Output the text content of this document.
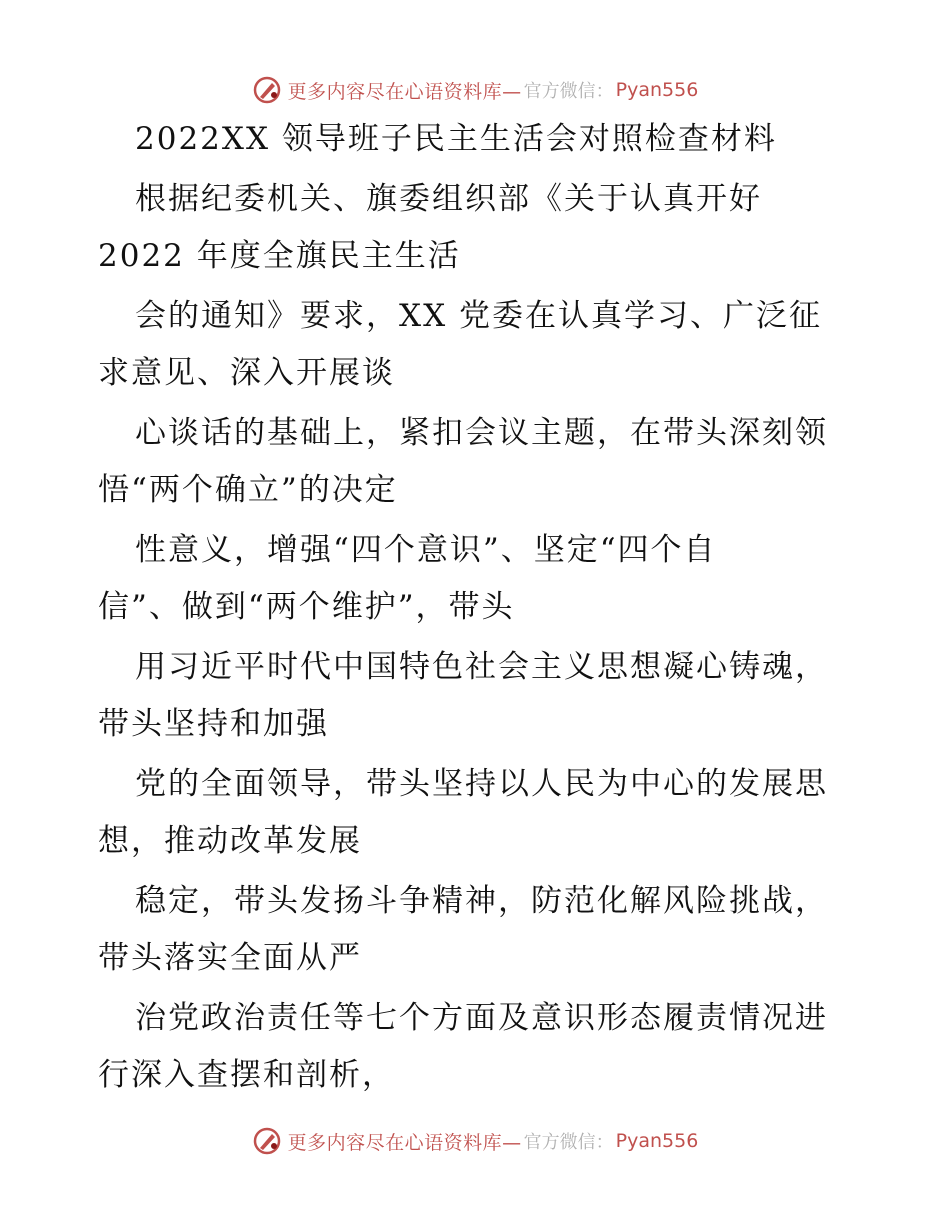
更多内容尽在心语资料库— 官方微信： Pyan556
2022XX 领导班子民主生活会对照检查材料
根据纪委机关、旗委组织部《关于认真开好
2022 年度全旗民主生活
会的通知》要求，XX 党委在认真学习、广泛征
求意见、深入开展谈
心谈话的基础上，紧扣会议主题，在带头深刻领
悟“两个确立”的决定
性意义，增强“四个意识”、坚定“四个自
信”、做到“两个维护”，带头
用习近平时代中国特色社会主义思想凝心铸魂，
带头坚持和加强
党的全面领导，带头坚持以人民为中心的发展思
想，推动改革发展
稳定，带头发扬斗争精神，防范化解风险挑战，
带头落实全面从严
治党政治责任等七个方面及意识形态履责情况进
行深入查摆和剖析，
更多内容尽在心语资料库— 官方微信： Pyan556
